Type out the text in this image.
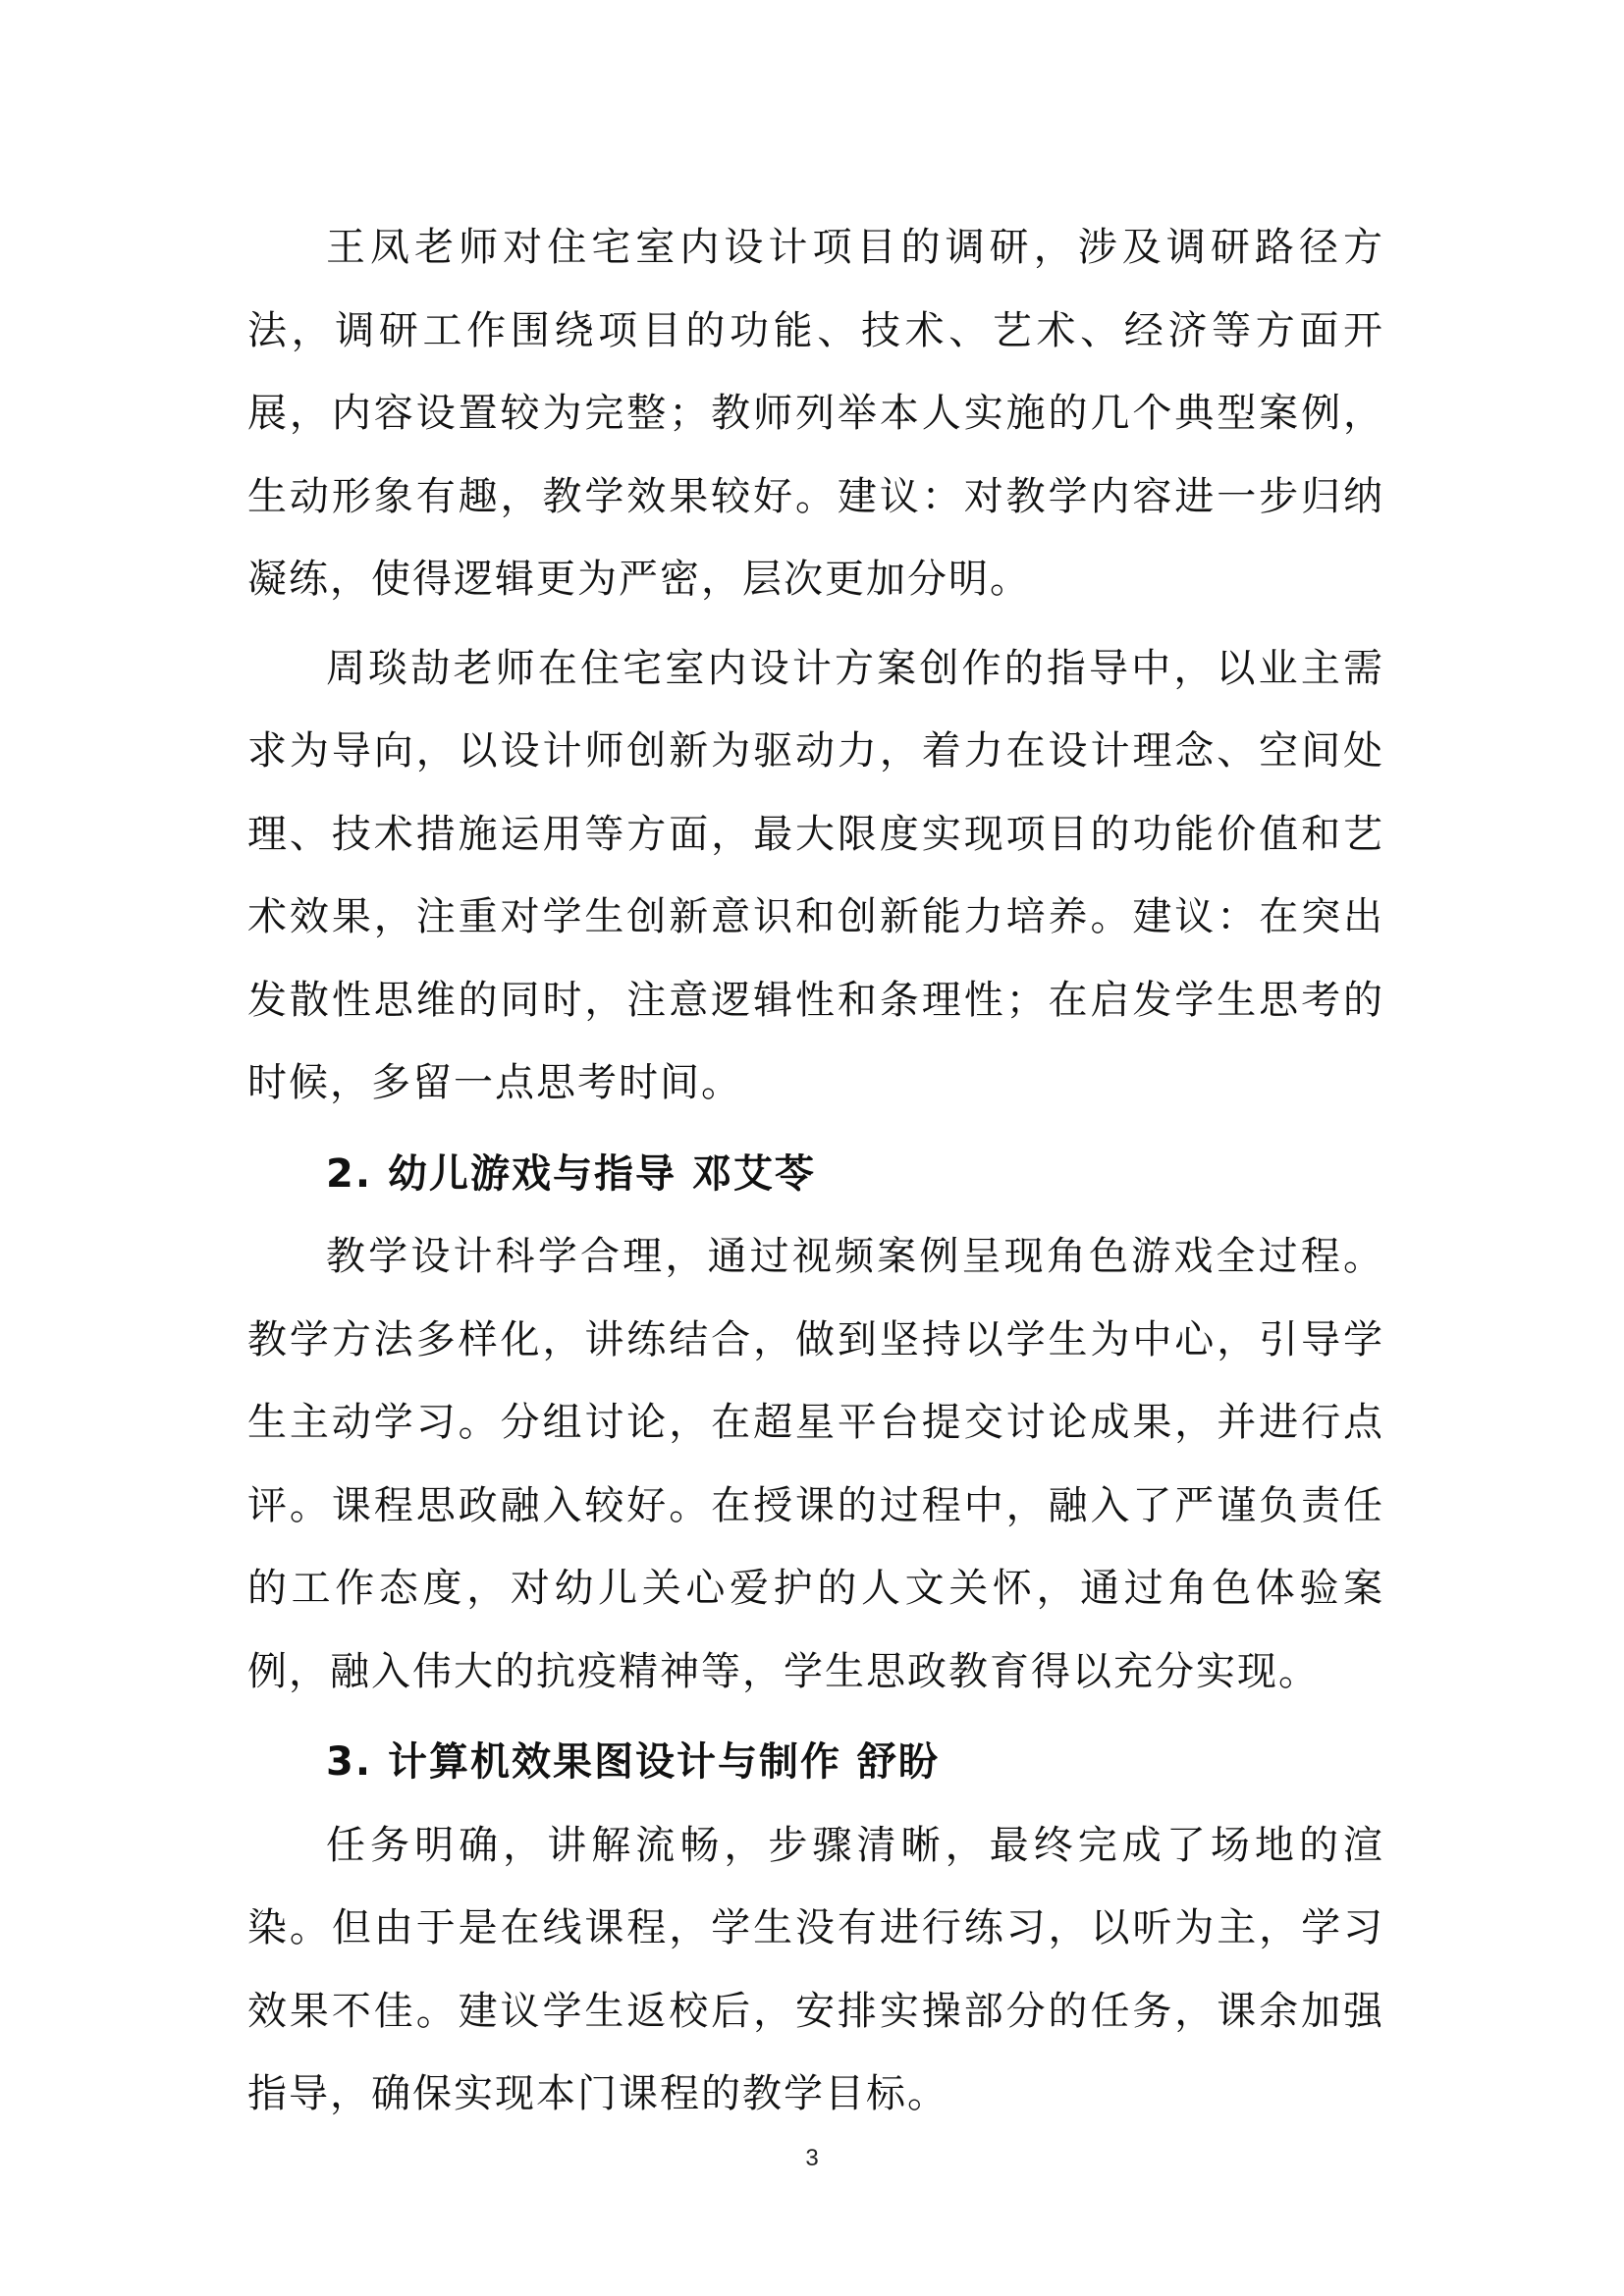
王凤老师对住宅室内设计项目的调研，涉及调研路径方法，调研工作围绕项目的功能、技术、艺术、经济等方面开展，内容设置较为完整；教师列举本人实施的几个典型案例，生动形象有趣，教学效果较好。建议：对教学内容进一步归纳凝练，使得逻辑更为严密，层次更加分明。

周琰劼老师在住宅室内设计方案创作的指导中，以业主需求为导向，以设计师创新为驱动力，着力在设计理念、空间处理、技术措施运用等方面，最大限度实现项目的功能价值和艺术效果，注重对学生创新意识和创新能力培养。建议：在突出发散性思维的同时，注意逻辑性和条理性；在启发学生思考的时候，多留一点思考时间。

2. 幼儿游戏与指导 邓艾苓

教学设计科学合理，通过视频案例呈现角色游戏全过程。教学方法多样化，讲练结合，做到坚持以学生为中心，引导学生主动学习。分组讨论，在超星平台提交讨论成果，并进行点评。课程思政融入较好。在授课的过程中，融入了严谨负责任的工作态度，对幼儿关心爱护的人文关怀，通过角色体验案例，融入伟大的抗疫精神等，学生思政教育得以充分实现。

3. 计算机效果图设计与制作 舒盼

任务明确，讲解流畅，步骤清晰，最终完成了场地的渲染。但由于是在线课程，学生没有进行练习，以听为主，学习效果不佳。建议学生返校后，安排实操部分的任务，课余加强指导，确保实现本门课程的教学目标。

3
